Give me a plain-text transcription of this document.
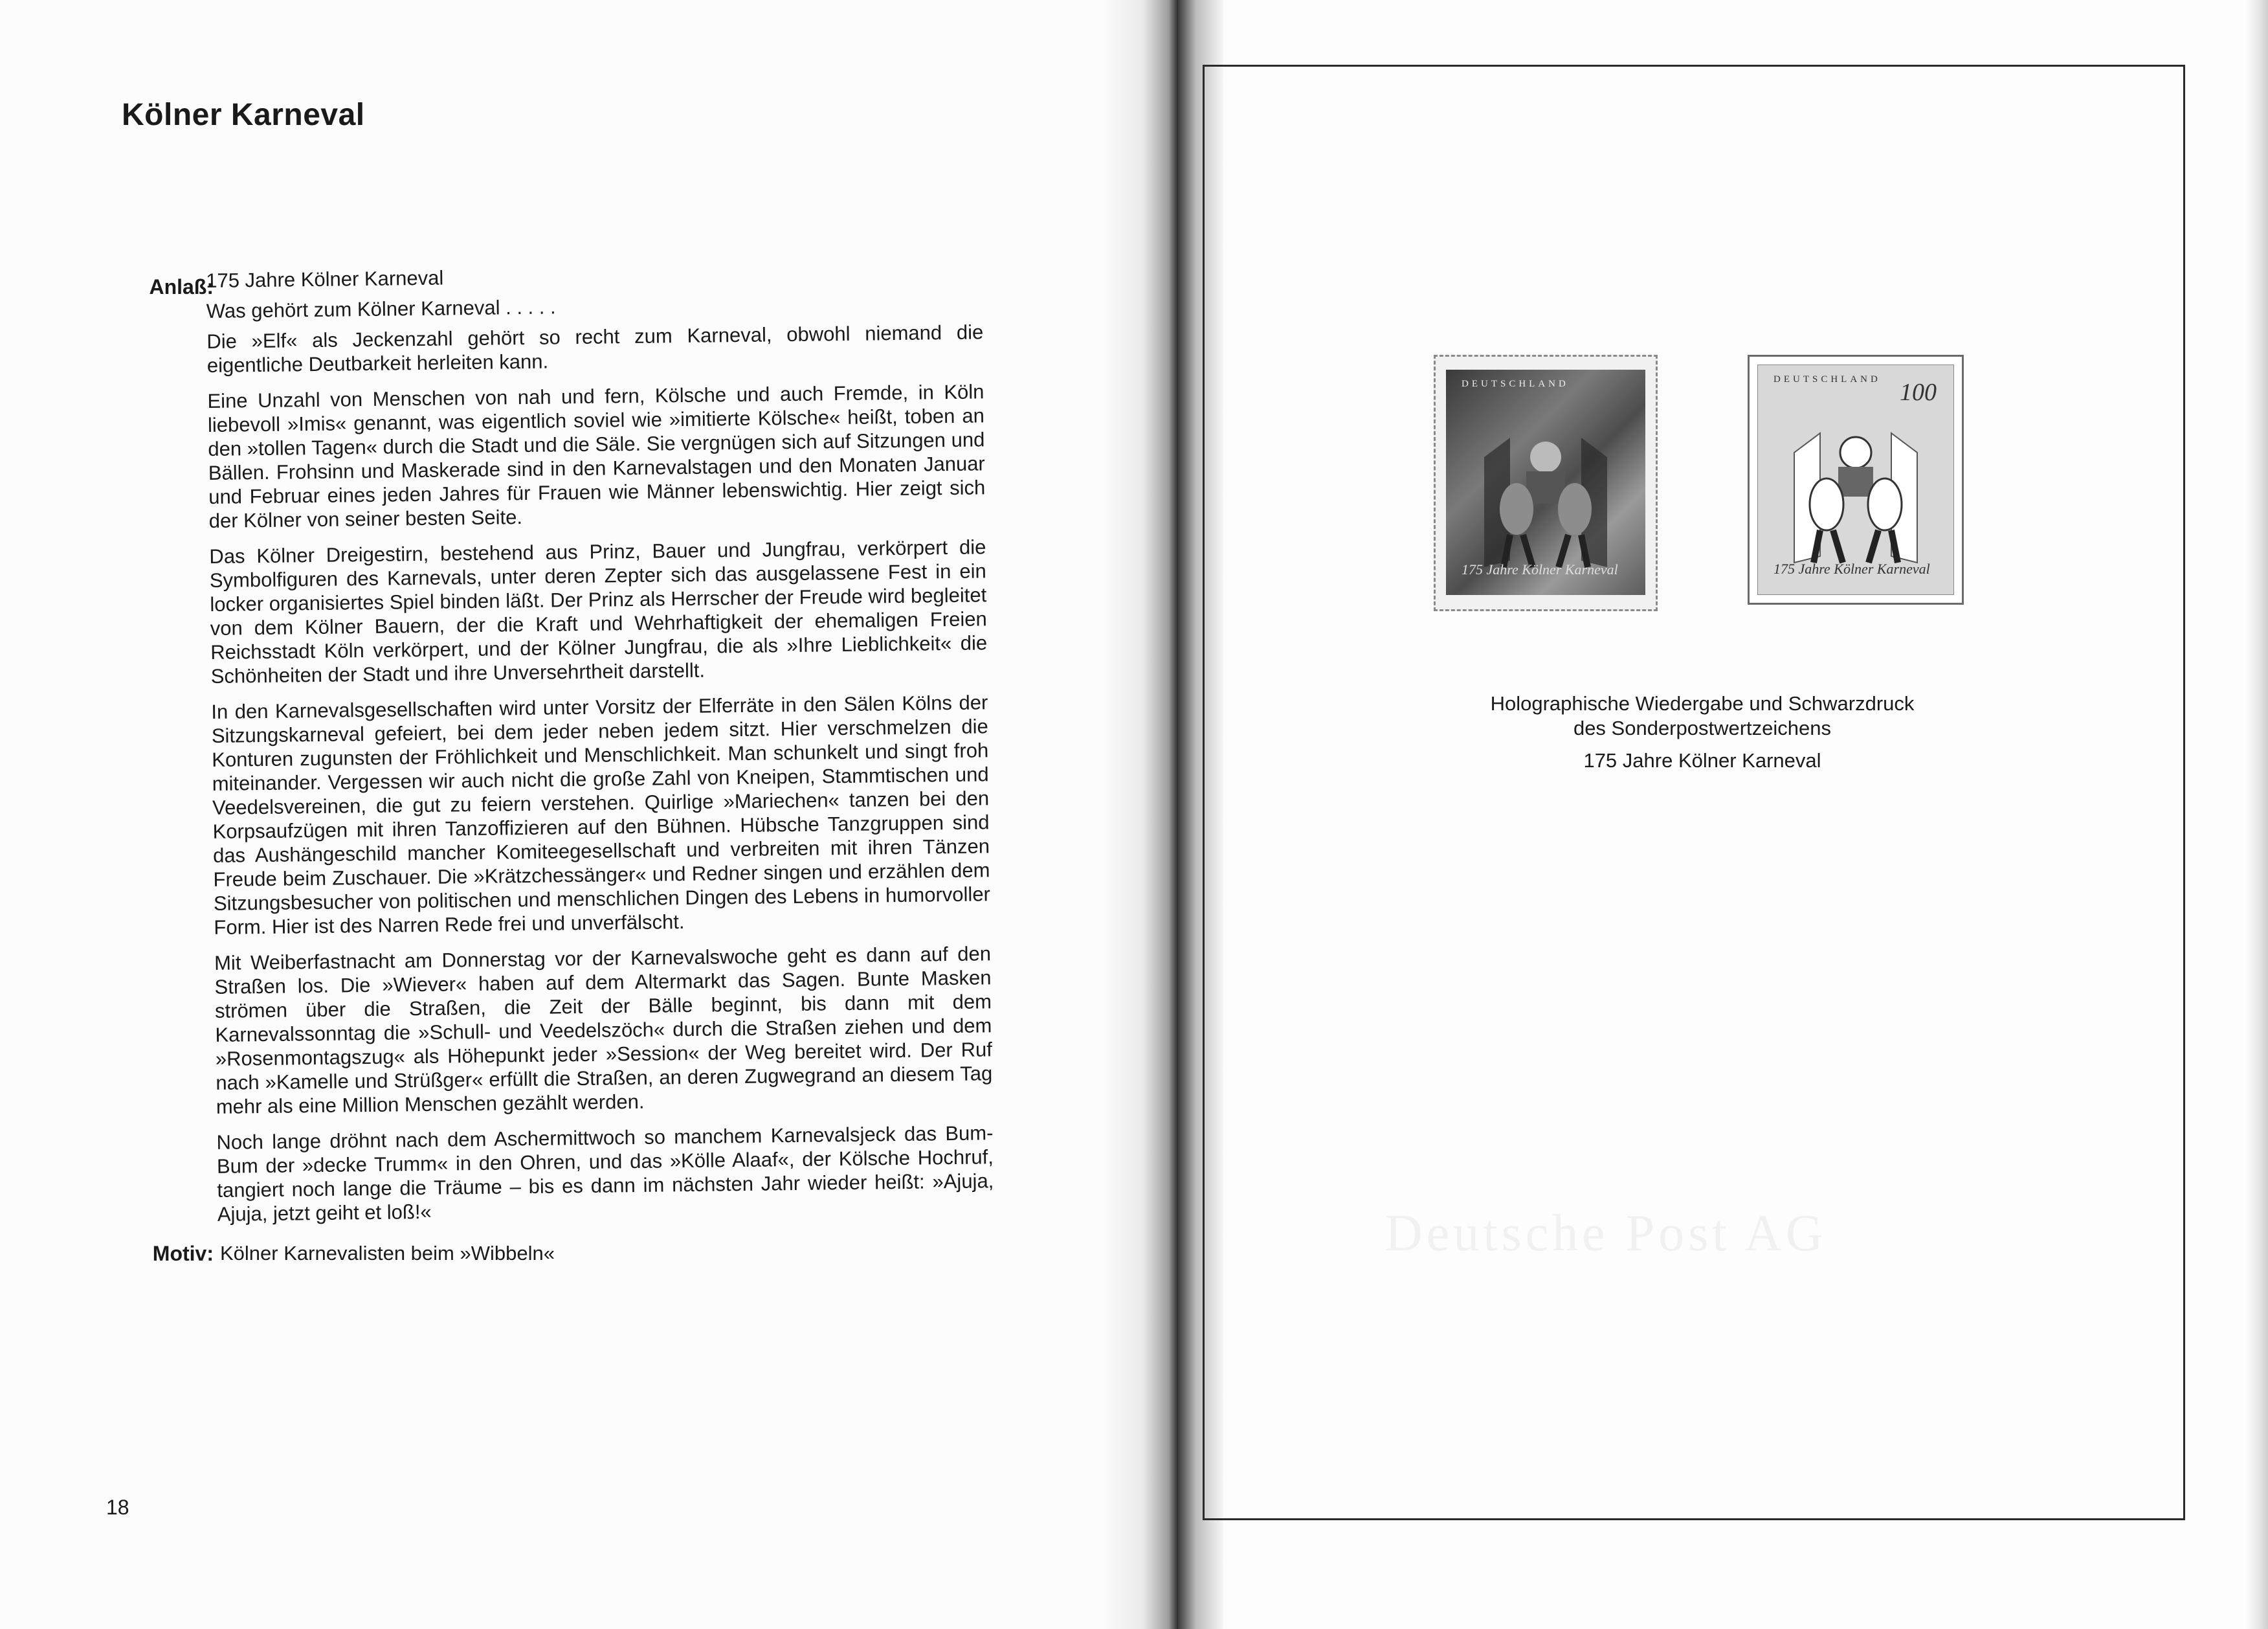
Kölner Karneval
Anlaß:

175 Jahre Kölner Karneval

Was gehört zum Kölner Karneval . . . . .

Die »Elf« als Jeckenzahl gehört so recht zum Karneval, obwohl niemand die eigentliche Deutbarkeit herleiten kann.

Eine Unzahl von Menschen von nah und fern, Kölsche und auch Fremde, in Köln liebevoll »Imis« genannt, was eigentlich soviel wie »imitierte Kölsche« heißt, toben an den »tollen Tagen« durch die Stadt und die Säle. Sie vergnügen sich auf Sitzungen und Bällen. Frohsinn und Maskerade sind in den Karnevalstagen und den Monaten Januar und Februar eines jeden Jahres für Frauen wie Männer lebenswichtig. Hier zeigt sich der Kölner von seiner besten Seite.

Das Kölner Dreigestirn, bestehend aus Prinz, Bauer und Jungfrau, verkörpert die Symbolfiguren des Karnevals, unter deren Zepter sich das ausgelassene Fest in ein locker organisiertes Spiel binden läßt. Der Prinz als Herrscher der Freude wird begleitet von dem Kölner Bauern, der die Kraft und Wehrhaftigkeit der ehemaligen Freien Reichsstadt Köln verkörpert, und der Kölner Jungfrau, die als »Ihre Lieblichkeit« die Schönheiten der Stadt und ihre Unversehrtheit darstellt.

In den Karnevalsgesellschaften wird unter Vorsitz der Elferräte in den Sälen Kölns der Sitzungskarneval gefeiert, bei dem jeder neben jedem sitzt. Hier verschmelzen die Konturen zugunsten der Fröhlichkeit und Menschlichkeit. Man schunkelt und singt froh miteinander. Vergessen wir auch nicht die große Zahl von Kneipen, Stammtischen und Veedelsvereinen, die gut zu feiern verstehen. Quirlige »Mariechen« tanzen bei den Korpsaufzügen mit ihren Tanzoffizieren auf den Bühnen. Hübsche Tanzgruppen sind das Aushängeschild mancher Komiteegesellschaft und verbreiten mit ihren Tänzen Freude beim Zuschauer. Die »Krätzchessänger« und Redner singen und erzählen dem Sitzungsbesucher von politischen und menschlichen Dingen des Lebens in humorvoller Form. Hier ist des Narren Rede frei und unverfälscht.

Mit Weiberfastnacht am Donnerstag vor der Karnevalswoche geht es dann auf den Straßen los. Die »Wiever« haben auf dem Altermarkt das Sagen. Bunte Masken strömen über die Straßen, die Zeit der Bälle beginnt, bis dann mit dem Karnevalssonntag die »Schull- und Veedelszöch« durch die Straßen ziehen und dem »Rosenmontagszug« als Höhepunkt jeder »Session« der Weg bereitet wird. Der Ruf nach »Kamelle und Strüßger« erfüllt die Straßen, an deren Zugwegrand an diesem Tag mehr als eine Million Menschen gezählt werden.

Noch lange dröhnt nach dem Aschermittwoch so manchem Karnevalsjeck das Bum-Bum der »decke Trumm« in den Ohren, und das »Kölle Alaaf«, der Kölsche Hochruf, tangiert noch lange die Träume – bis es dann im nächsten Jahr wieder heißt: »Ajuja, Ajuja, jetzt geiht et loß!«

Motiv: Kölner Karnevalisten beim »Wibbeln«
18
DEUTSCHLAND
175 Jahre Kölner Karneval
DEUTSCHLAND 100
175 Jahre Kölner Karneval
Holographische Wiedergabe und Schwarzdruck
des Sonderpostwertzeichens
175 Jahre Kölner Karneval
Deutsche Post AG
